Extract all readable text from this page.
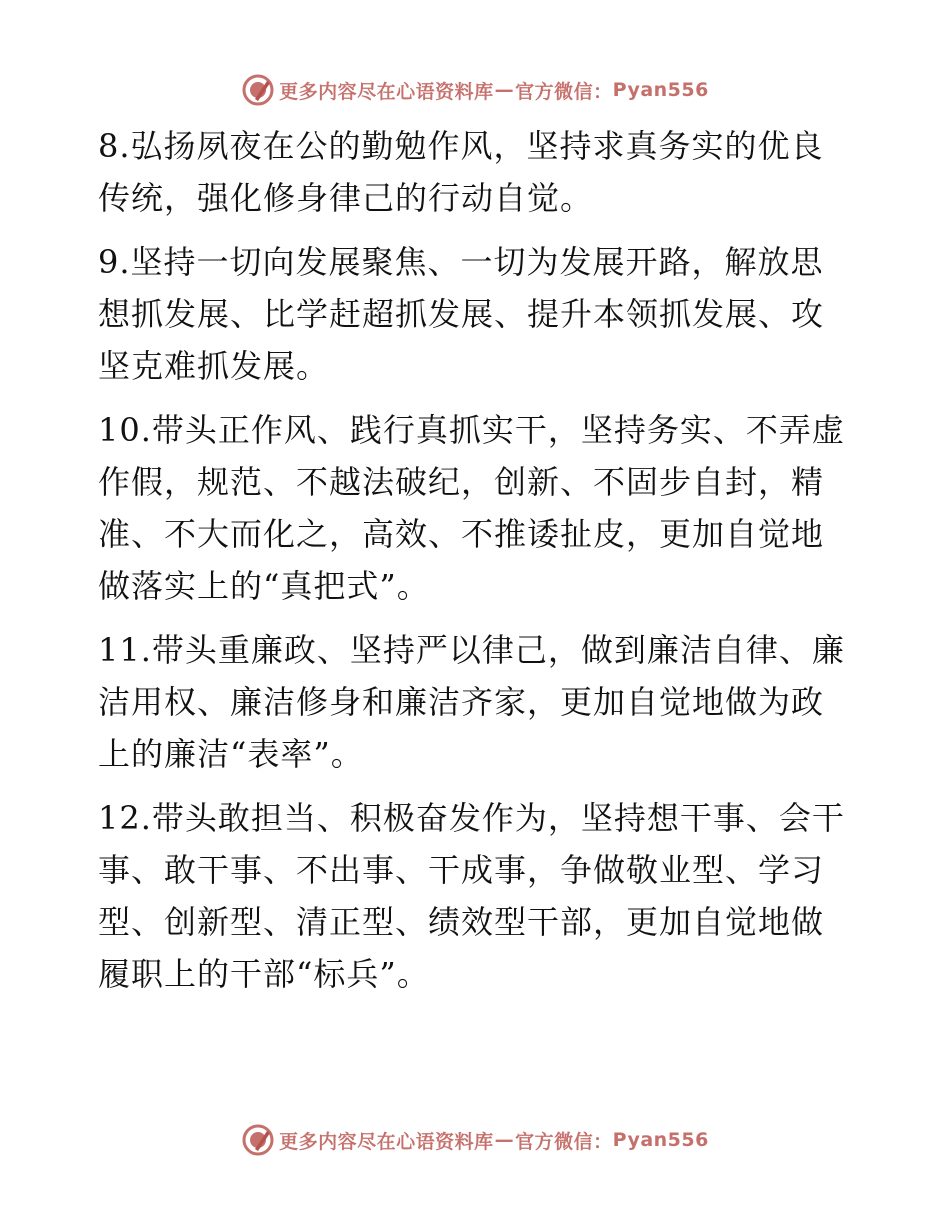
更多内容尽在心语资料库 — 官方微信： Pyan556

8.弘扬夙夜在公的勤勉作风，坚持求真务实的优良传统，强化修身律己的行动自觉。

9.坚持一切向发展聚焦、一切为发展开路，解放思想抓发展、比学赶超抓发展、提升本领抓发展、攻坚克难抓发展。

10.带头正作风、践行真抓实干，坚持务实、不弄虚作假，规范、不越法破纪，创新、不固步自封，精准、不大而化之，高效、不推诿扯皮，更加自觉地做落实上的“真把式”。

11.带头重廉政、坚持严以律己，做到廉洁自律、廉洁用权、廉洁修身和廉洁齐家，更加自觉地做为政上的廉洁“表率”。

12.带头敢担当、积极奋发作为，坚持想干事、会干事、敢干事、不出事、干成事，争做敬业型、学习型、创新型、清正型、绩效型干部，更加自觉地做履职上的干部“标兵”。

更多内容尽在心语资料库 — 官方微信： Pyan556
